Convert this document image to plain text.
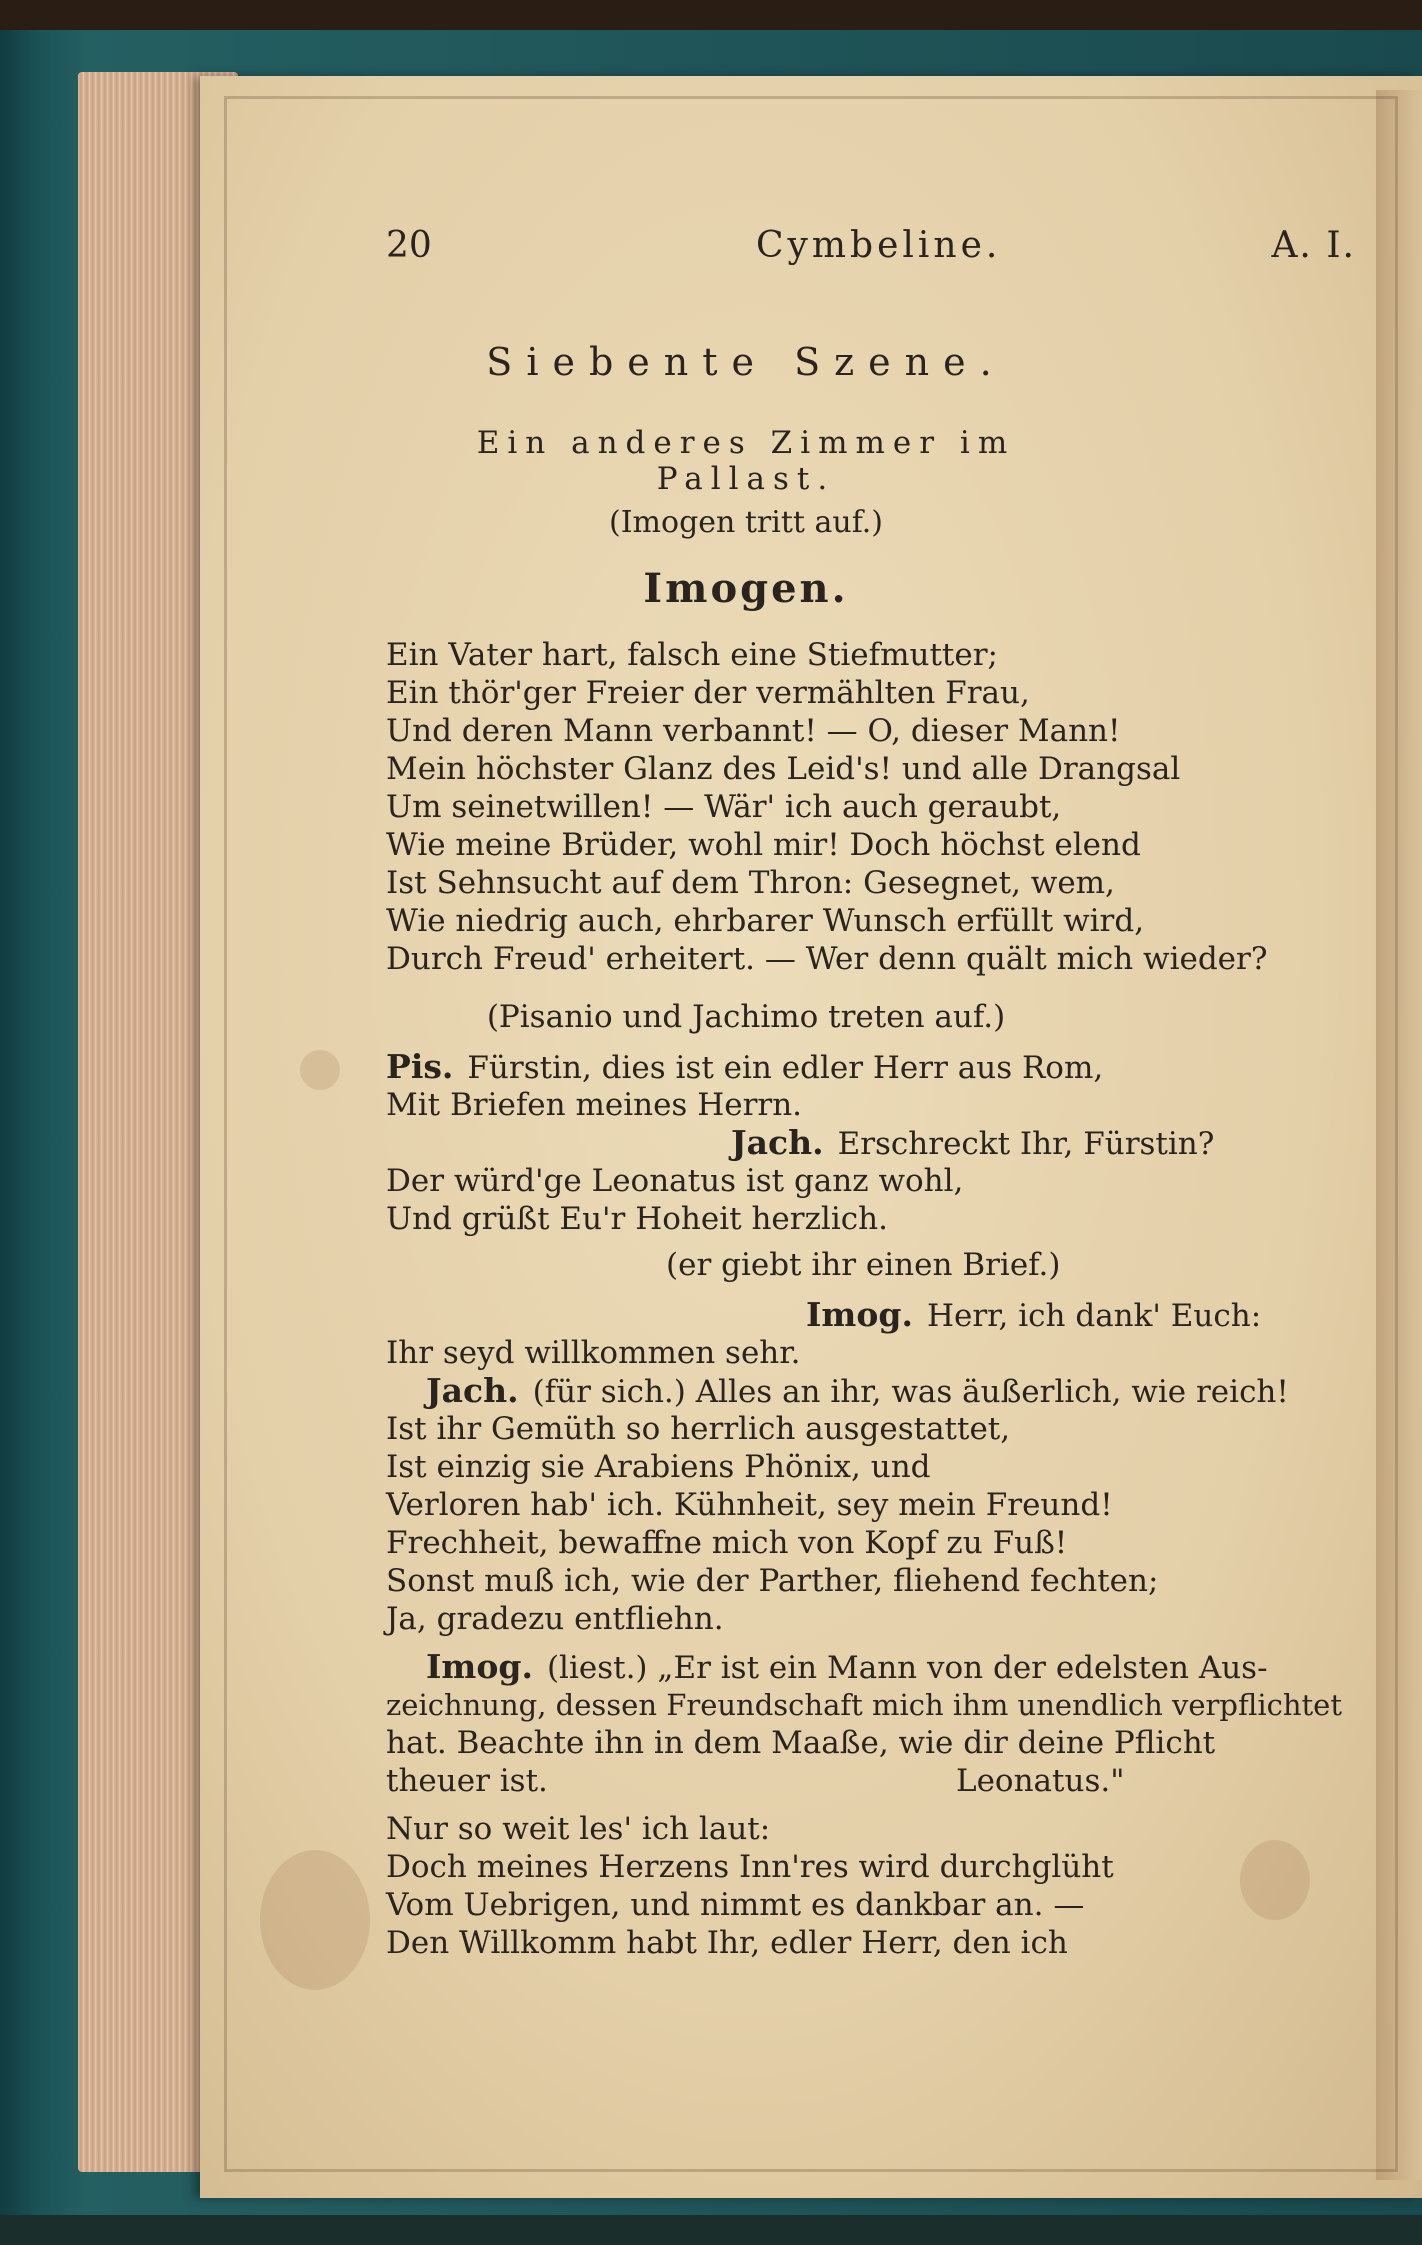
20	Cymbeline.	A. I.
Siebente Szene.
Ein anderes Zimmer im Pallast.
(Imogen tritt auf.)
Imogen.
Ein Vater hart, falsch eine Stiefmutter;
Ein thör'ger Freier der vermählten Frau,
Und deren Mann verbannt! — O, dieser Mann!
Mein höchster Glanz des Leid's! und alle Drangsal
Um seinetwillen! — Wär' ich auch geraubt,
Wie meine Brüder, wohl mir! Doch höchst elend
Ist Sehnsucht auf dem Thron: Gesegnet, wem,
Wie niedrig auch, ehrbarer Wunsch erfüllt wird,
Durch Freud' erheitert. — Wer denn quält mich wieder?
(Pisanio und Jachimo treten auf.)
Pis. Fürstin, dies ist ein edler Herr aus Rom,
Mit Briefen meines Herrn.
Jach. Erschreckt Ihr, Fürstin?
Der würd'ge Leonatus ist ganz wohl,
Und grüßt Eu'r Hoheit herzlich.
(er giebt ihr einen Brief.)
Imog. Herr, ich dank' Euch:
Ihr seyd willkommen sehr.
Jach. (für sich.) Alles an ihr, was äußerlich, wie reich!
Ist ihr Gemüth so herrlich ausgestattet,
Ist einzig sie Arabiens Phönix, und
Verloren hab' ich. Kühnheit, sey mein Freund!
Frechheit, bewaffne mich von Kopf zu Fuß!
Sonst muß ich, wie der Parther, fliehend fechten;
Ja, gradezu entfliehn.
Imog. (liest.) „Er ist ein Mann von der edelsten Aus-
zeichnung, dessen Freundschaft mich ihm unendlich verpflichtet
hat. Beachte ihn in dem Maaße, wie dir deine Pflicht
theuer ist.	Leonatus."
Nur so weit les' ich laut:
Doch meines Herzens Inn'res wird durchglüht
Vom Uebrigen, und nimmt es dankbar an. —
Den Willkomm habt Ihr, edler Herr, den ich
